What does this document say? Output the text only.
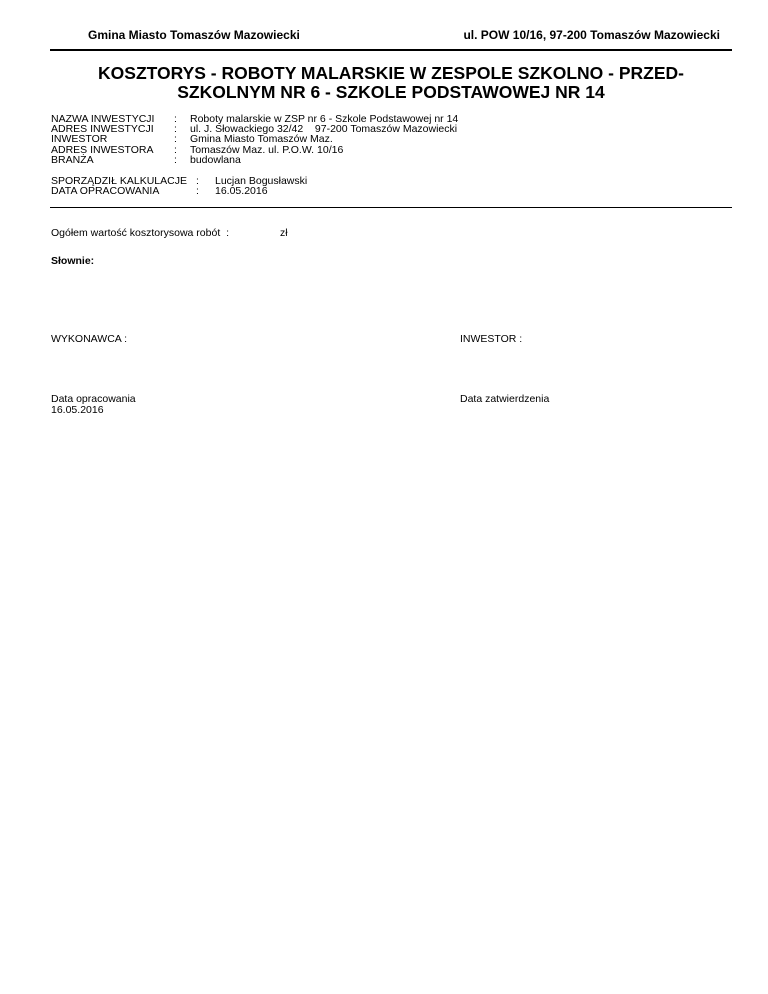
Gmina Miasto Tomaszów Mazowiecki	ul. POW 10/16, 97-200 Tomaszów Mazowiecki
KOSZTORYS - ROBOTY MALARSKIE W ZESPOLE SZKOLNO - PRZED-
SZKOLNYM NR 6 - SZKOLE PODSTAWOWEJ NR 14
NAZWA INWESTYCJI : Roboty malarskie w ZSP nr 6 - Szkole Podstawowej nr 14
ADRES INWESTYCJI : ul. J. Słowackiego 32/42    97-200 Tomaszów Mazowiecki
INWESTOR	: Gmina Miasto Tomaszów Maz.
ADRES INWESTORA : Tomaszów Maz. ul. P.O.W. 10/16
BRANŻA	: budowlana
SPORZĄDZIŁ KALKULACJE : Lucjan Bogusławski
DATA OPRACOWANIA	: 16.05.2016
Ogółem wartość kosztorysowa robót  :	zł
Słownie:
WYKONAWCA :	INWESTOR :
Data opracowania
16.05.2016
Data zatwierdzenia
